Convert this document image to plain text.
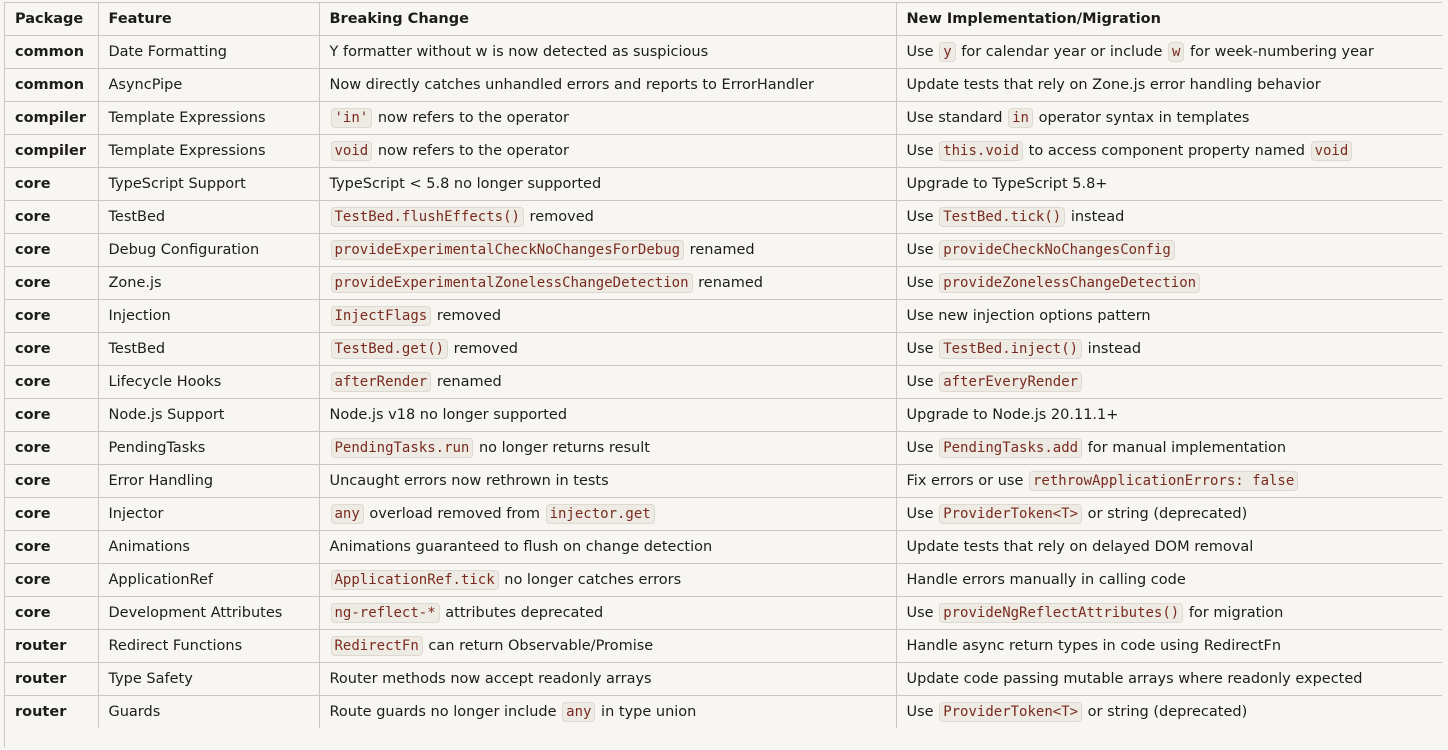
Package	Feature	Breaking Change	New Implementation/Migration
common	Date Formatting	Y formatter without w is now detected as suspicious	Use y for calendar year or include w for week-numbering year
common	AsyncPipe	Now directly catches unhandled errors and reports to ErrorHandler	Update tests that rely on Zone.js error handling behavior
compiler	Template Expressions	'in' now refers to the operator	Use standard in operator syntax in templates
compiler	Template Expressions	void now refers to the operator	Use this.void to access component property named void
core	TypeScript Support	TypeScript < 5.8 no longer supported	Upgrade to TypeScript 5.8+
core	TestBed	TestBed.flushEffects() removed	Use TestBed.tick() instead
core	Debug Configuration	provideExperimentalCheckNoChangesForDebug renamed	Use provideCheckNoChangesConfig
core	Zone.js	provideExperimentalZonelessChangeDetection renamed	Use provideZonelessChangeDetection
core	Injection	InjectFlags removed	Use new injection options pattern
core	TestBed	TestBed.get() removed	Use TestBed.inject() instead
core	Lifecycle Hooks	afterRender renamed	Use afterEveryRender
core	Node.js Support	Node.js v18 no longer supported	Upgrade to Node.js 20.11.1+
core	PendingTasks	PendingTasks.run no longer returns result	Use PendingTasks.add for manual implementation
core	Error Handling	Uncaught errors now rethrown in tests	Fix errors or use rethrowApplicationErrors: false
core	Injector	any overload removed from injector.get	Use ProviderToken<T> or string (deprecated)
core	Animations	Animations guaranteed to flush on change detection	Update tests that rely on delayed DOM removal
core	ApplicationRef	ApplicationRef.tick no longer catches errors	Handle errors manually in calling code
core	Development Attributes	ng-reflect-* attributes deprecated	Use provideNgReflectAttributes() for migration
router	Redirect Functions	RedirectFn can return Observable/Promise	Handle async return types in code using RedirectFn
router	Type Safety	Router methods now accept readonly arrays	Update code passing mutable arrays where readonly expected
router	Guards	Route guards no longer include any in type union	Use ProviderToken<T> or string (deprecated)
